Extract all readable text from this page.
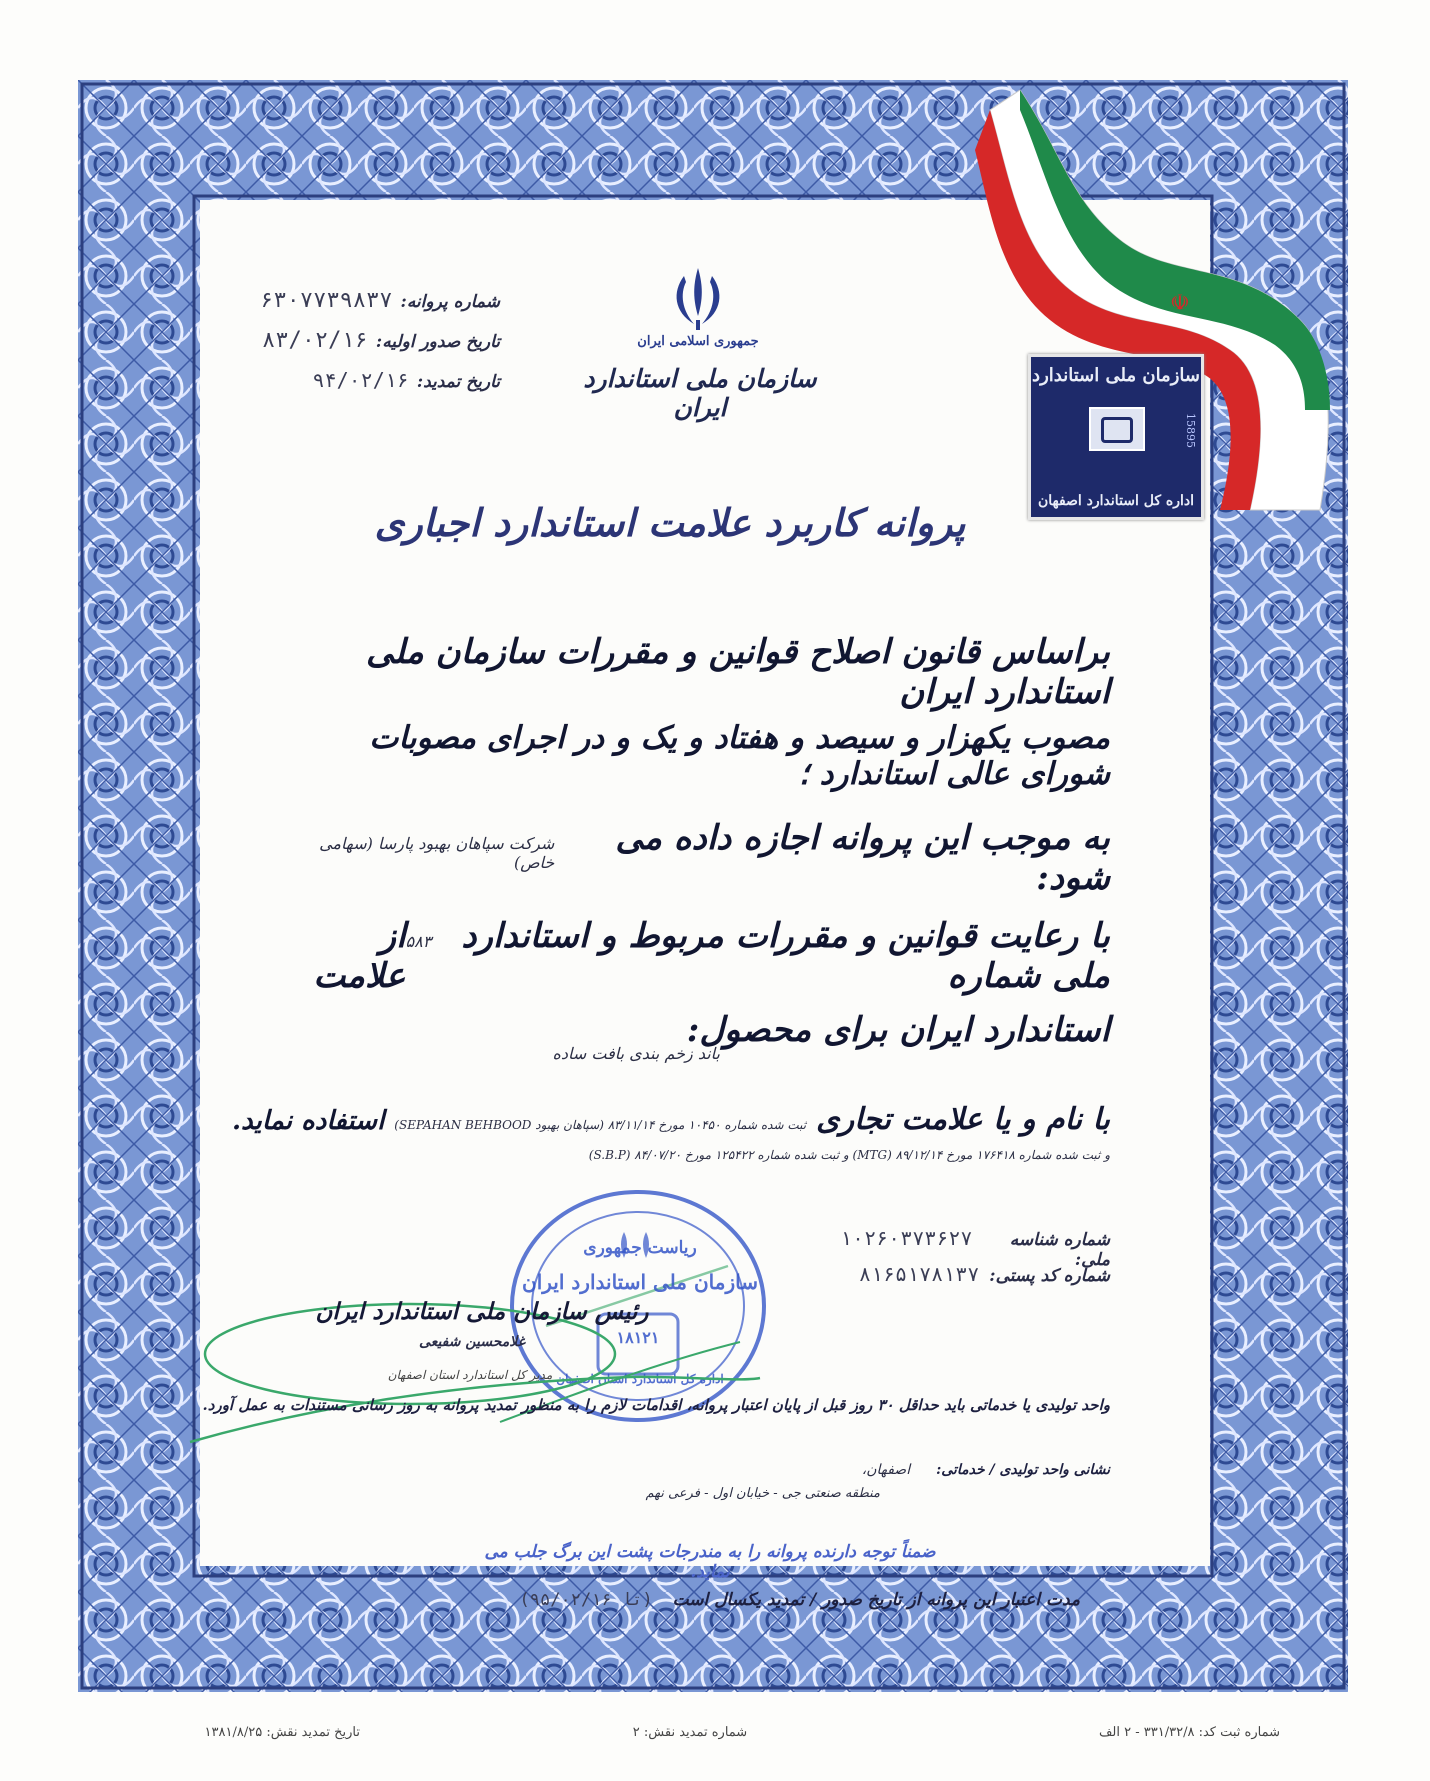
☫
سازمان ملی استاندارد
15895
اداره کل استاندارد اصفهان
جمهوری اسلامی ایران
سازمان ملی استاندارد ایران
شماره پروانه:
۶۳۰۷۷۳۹۸۳۷
تاریخ صدور اولیه:
۸۳/۰۲/۱۶
تاریخ تمدید:
۹۴/۰۲/۱۶
پروانه کاربرد علامت استاندارد اجباری
براساس قانون اصلاح قوانین و مقررات سازمان ملی استاندارد ایران
مصوب یکهزار و سیصد و هفتاد و یک و در اجرای مصوبات شورای عالی استاندارد ؛
به موجب این پروانه اجازه داده می شود:
شرکت سپاهان بهبود پارسا (سهامی خاص)
با رعایت قوانین و مقررات مربوط و استاندارد ملی شماره
۵۸۳
از علامت
استاندارد ایران برای محصول:
باند زخم بندی بافت ساده
با نام و یا علامت تجاری
ثبت شده شماره ۱۰۴۵۰ مورخ ۸۳/۱۱/۱۴ (سپاهان بهبود SEPAHAN BEHBOOD)
استفاده نماید.
و ثبت شده شماره ۱۷۶۴۱۸ مورخ ۸۹/۱۲/۱۴ (MTG) و ثبت شده شماره ۱۲۵۴۲۲ مورخ ۸۴/۰۷/۲۰ (S.B.P)
شماره شناسه ملی:
۱۰۲۶۰۳۷۳۶۲۷
شماره کد پستی:
۸۱۶۵۱۷۸۱۳۷
ریاست جمهوری
سازمان ملی استاندارد ایران
۱۸۱۲۱
اداره کل استاندارد استان اصفهان
رئیس سازمان ملی استاندارد ایران
غلامحسین شفیعی
مدیر کل استاندارد استان اصفهان
واحد تولیدی یا خدماتی باید حداقل ۳۰ روز قبل از پایان اعتبار پروانه، اقدامات لازم را به منظور تمدید پروانه به روز رسانی مستندات به عمل آورد.
نشانی واحد تولیدی / خدماتی:
اصفهان،
منطقه صنعتی جی - خیابان اول - فرعی نهم
ضمناً توجه دارنده پروانه را به مندرجات پشت این برگ جلب می نماید.
مدت اعتبار این پروانه از تاریخ صدور / تمدید یکسال است
(تا ۹۵/۰۲/۱۶)
تاریخ تمدید نقش: ۱۳۸۱/۸/۲۵	شماره تمدید نقش: ۲	شماره ثبت کد: ۳۳۱/۳۲/۸ - ۲ الف
